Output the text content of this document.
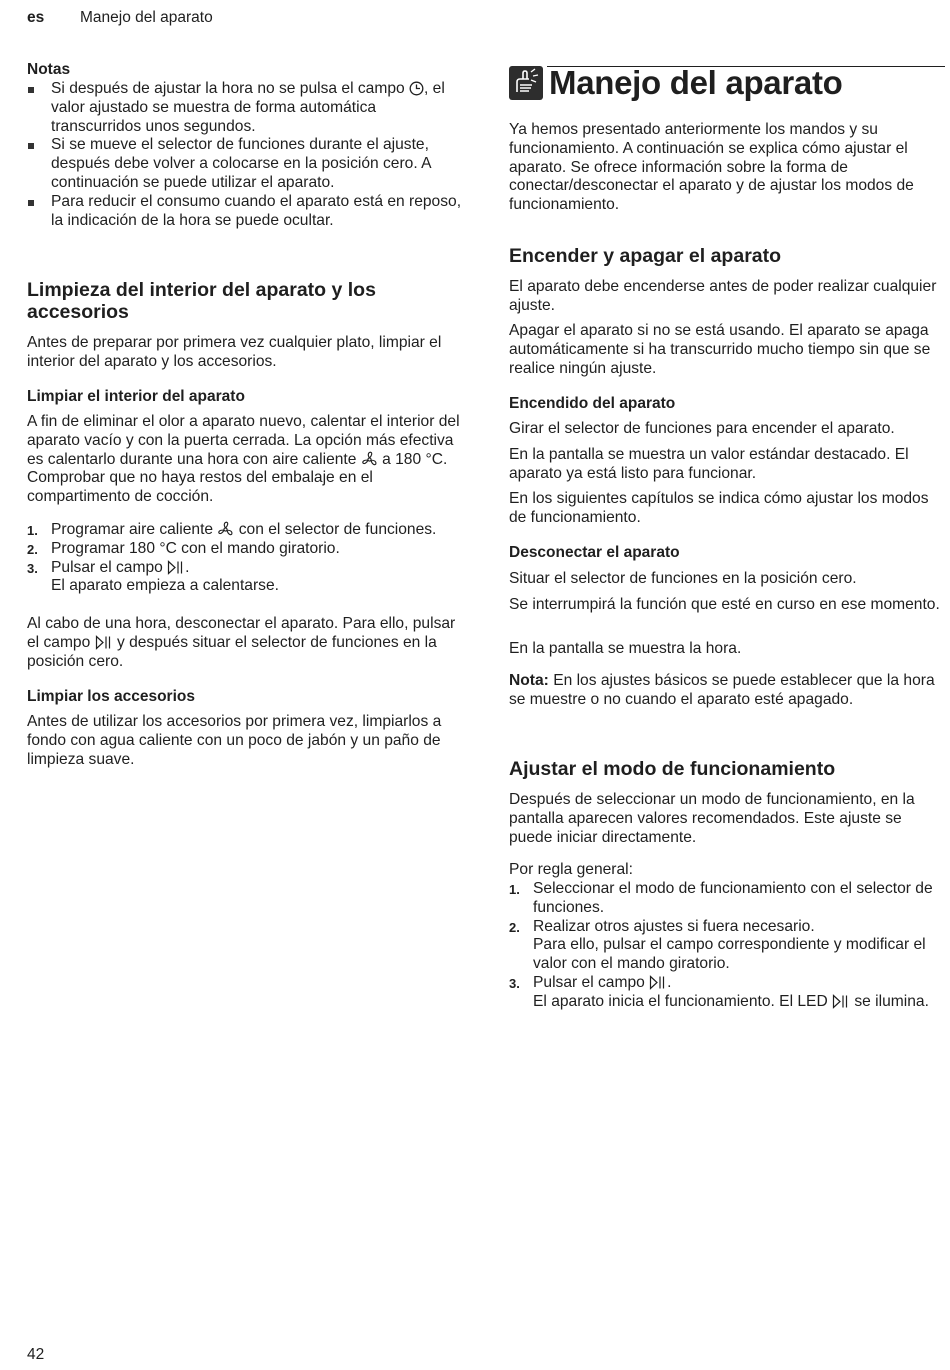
es Manejo del aparato
Notas
Si después de ajustar la hora no se pulsa el campo , el valor ajustado se muestra de forma automática transcurridos unos segundos.
Si se mueve el selector de funciones durante el ajuste, después debe volver a colocarse en la posición cero. A continuación se puede utilizar el aparato.
Para reducir el consumo cuando el aparato está en reposo, la indicación de la hora se puede ocultar.
Limpieza del interior del aparato y los accesorios

Antes de preparar por primera vez cualquier plato, limpiar el interior del aparato y los accesorios.

Limpiar el interior del aparato

A fin de eliminar el olor a aparato nuevo, calentar el interior del aparato vacío y con la puerta cerrada. La opción más efectiva es calentarlo durante una hora con aire caliente  a 180 °C. Comprobar que no haya restos del embalaje en el compartimento de cocción.

1. Programar aire caliente  con el selector de funciones.
2. Programar 180 °C con el mando giratorio.
3. Pulsar el campo .
El aparato empieza a calentarse.

Al cabo de una hora, desconectar el aparato. Para ello, pulsar el campo  y después situar el selector de funciones en la posición cero.

Limpiar los accesorios

Antes de utilizar los accesorios por primera vez, limpiarlos a fondo con agua caliente con un poco de jabón y un paño de limpieza suave.

Manejo del aparato

Ya hemos presentado anteriormente los mandos y su funcionamiento. A continuación se explica cómo ajustar el aparato. Se ofrece información sobre la forma de conectar/desconectar el aparato y de ajustar los modos de funcionamiento.

Encender y apagar el aparato

El aparato debe encenderse antes de poder realizar cualquier ajuste.

Apagar el aparato si no se está usando. El aparato se apaga automáticamente si ha transcurrido mucho tiempo sin que se realice ningún ajuste.

Encendido del aparato

Girar el selector de funciones para encender el aparato.

En la pantalla se muestra un valor estándar destacado. El aparato ya está listo para funcionar.

En los siguientes capítulos se indica cómo ajustar los modos de funcionamiento.

Desconectar el aparato

Situar el selector de funciones en la posición cero.

Se interrumpirá la función que esté en curso en ese momento.

En la pantalla se muestra la hora.

Nota: En los ajustes básicos se puede establecer que la hora se muestre o no cuando el aparato esté apagado.

Ajustar el modo de funcionamiento

Después de seleccionar un modo de funcionamiento, en la pantalla aparecen valores recomendados. Este ajuste se puede iniciar directamente.

Por regla general:

1. Seleccionar el modo de funcionamiento con el selector de funciones.
2. Realizar otros ajustes si fuera necesario.
Para ello, pulsar el campo correspondiente y modificar el valor con el mando giratorio.
3. Pulsar el campo .
El aparato inicia el funcionamiento. El LED  se ilumina.
42
